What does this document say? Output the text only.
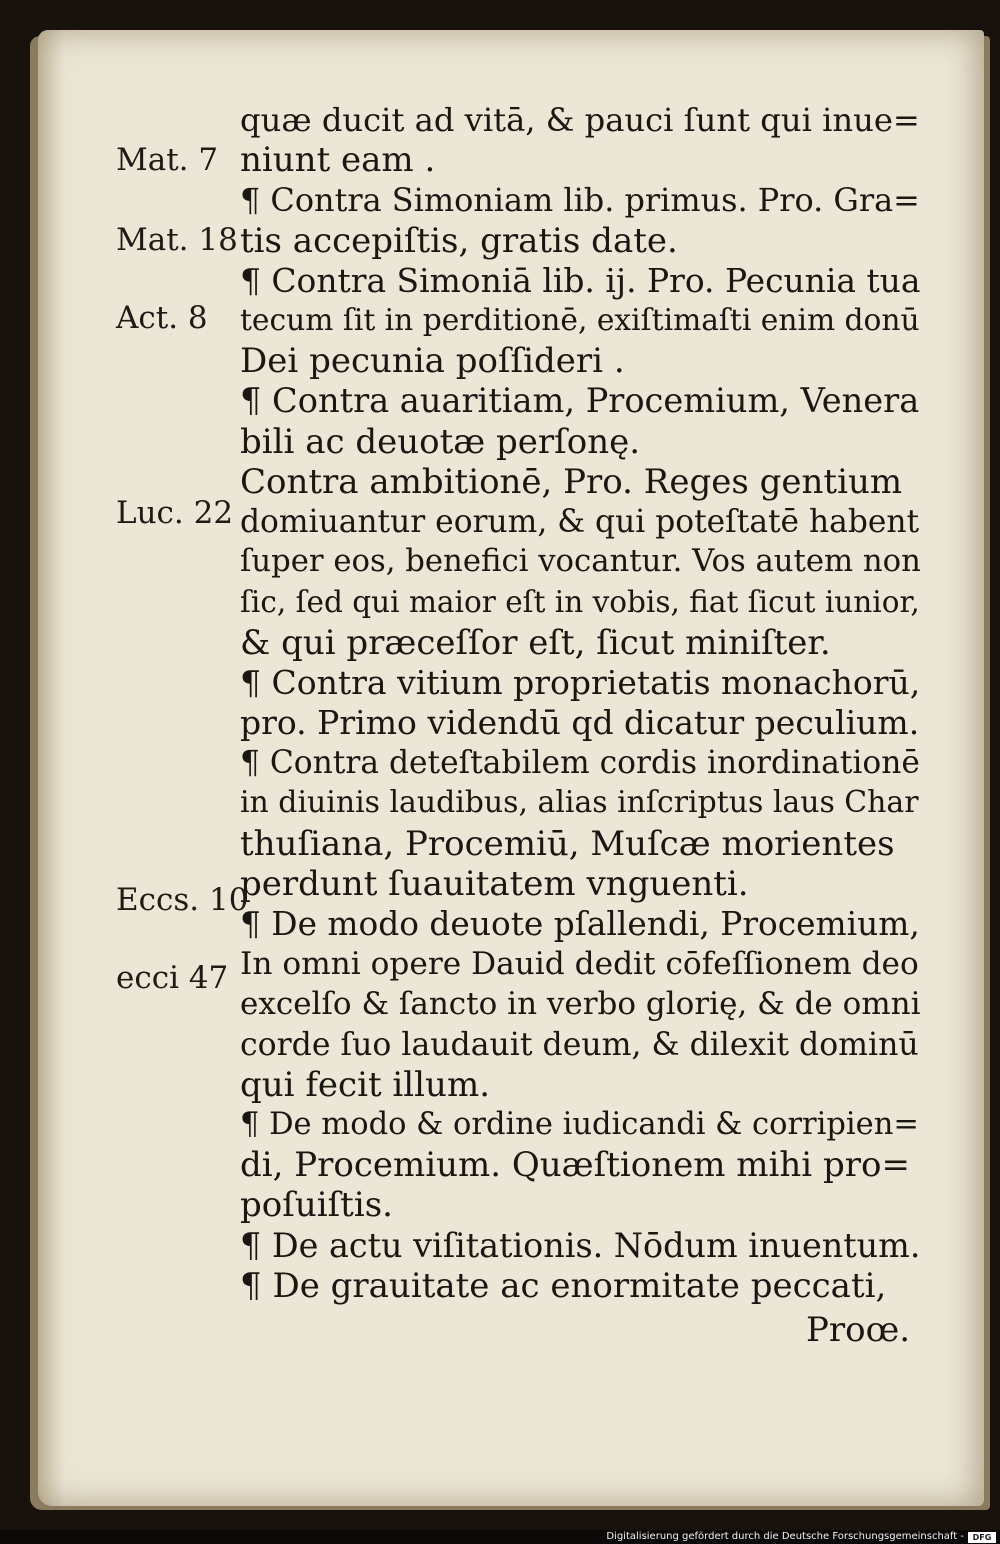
quæ ducit ad vitā, & pauci ſunt qui inue=
niunt eam .
¶ Contra Simoniam lib. primus. Pro. Gra=
tis accepiſtis, gratis date.
¶ Contra Simoniā lib. ij. Pro. Pecunia tua
tecum ſit in perditionē, exiſtimaſti enim donū
Dei pecunia poſſideri .
¶ Contra auaritiam, Procemium, Venera
bili ac deuotæ perſonę.
Contra ambitionē, Pro. Reges gentium
domiuantur eorum, & qui poteſtatē habent
ſuper eos, benefici vocantur. Vos autem non
ſic, ſed qui maior eſt in vobis, fiat ſicut iunior,
& qui præceſſor eſt, ſicut miniſter.
¶ Contra vitium proprietatis monachorū,
pro. Primo videndū qd dicatur peculium.
¶ Contra deteſtabilem cordis inordinationē
in diuinis laudibus, alias inſcriptus laus Char
thuſiana, Procemiū, Muſcæ morientes
perdunt ſuauitatem vnguenti.
¶ De modo deuote pſallendi, Procemium,
In omni opere Dauid dedit cōfeſſionem deo
excelſo & ſancto in verbo glorię, & de omni
corde ſuo laudauit deum, & dilexit dominū
qui fecit illum.
¶ De modo & ordine iudicandi & corripien=
di, Procemium. Quæſtionem mihi pro=
poſuiſtis.
¶ De actu viſitationis. Nōdum inuentum.
¶ De grauitate ac enormitate peccati,
Mat. 7
Mat. 18
Act. 8
Luc. 22
Eccs. 10
ecci 47
Proœ.
Digitalisierung gefördert durch die Deutsche Forschungsgemeinschaft -	DFG
